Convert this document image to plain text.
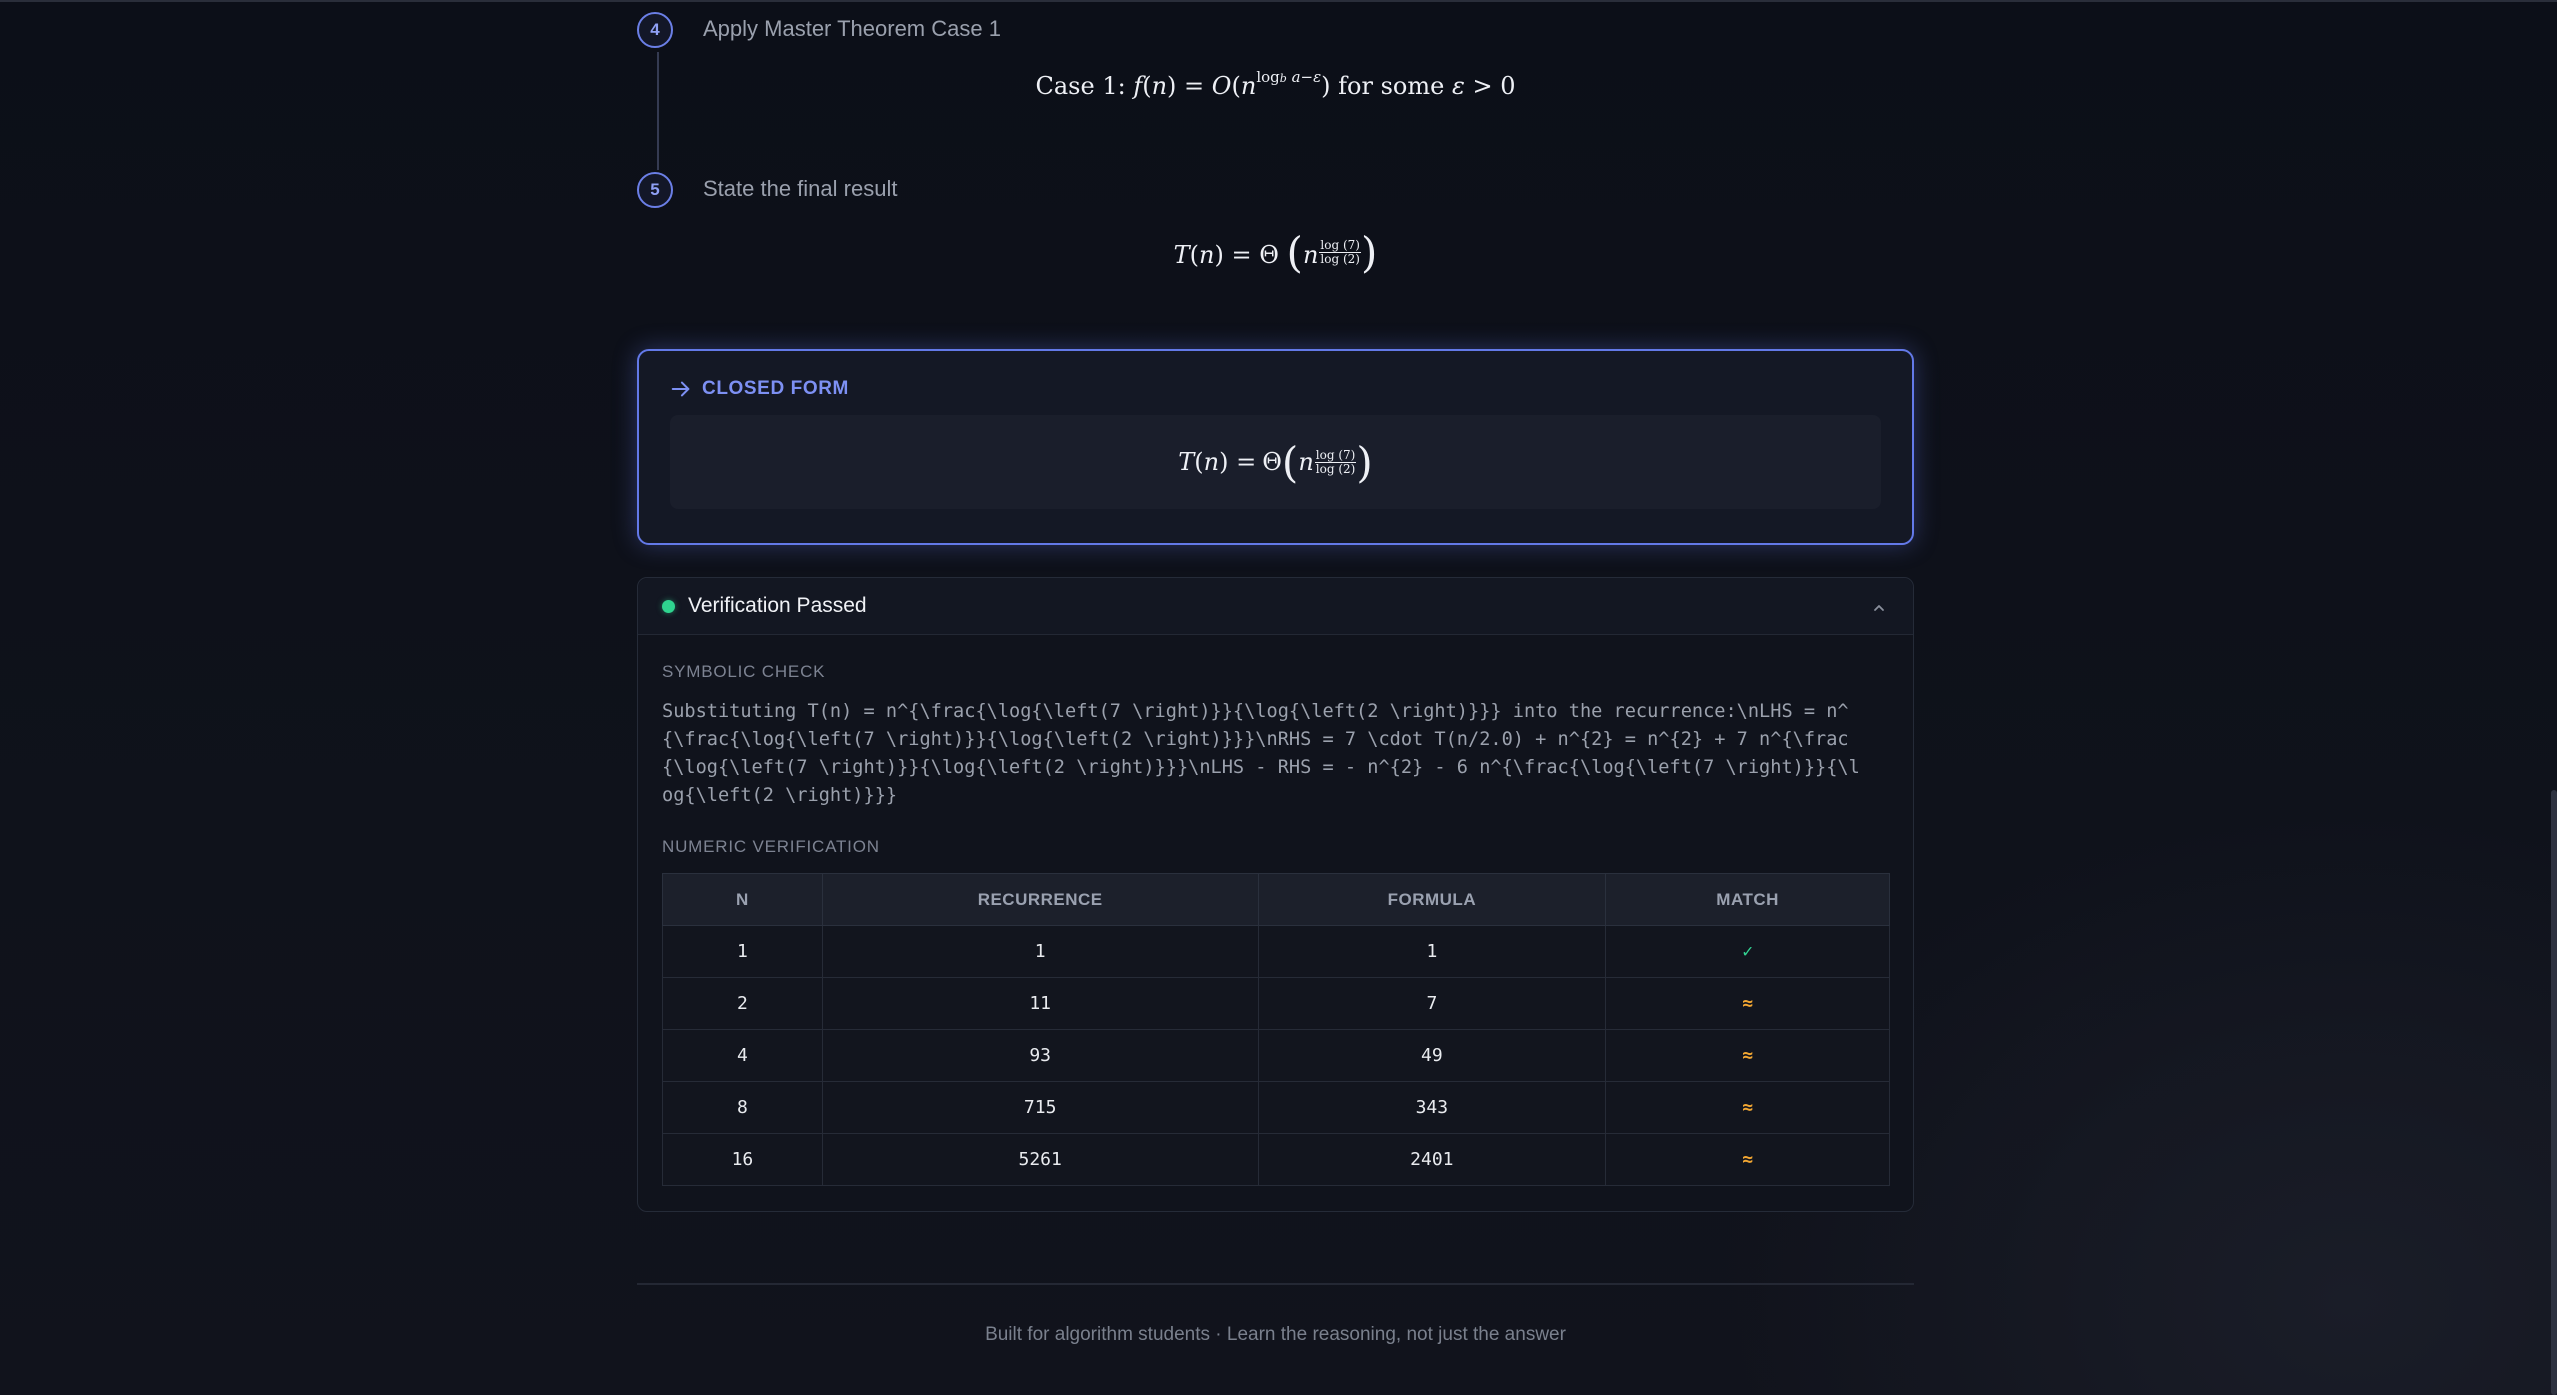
4	Apply Master Theorem Case 1
Case 1: $f(n) = O(n^{logb a-\varepsilon})$ for some ε > 0
5	State the final result
T(n) = Θ ($n \frac{\log (7)}{\log (2)}$ )
CLOSED FORM
T ( n ) = Θ ( n $\frac{\log (7)}{\log (2)}$ )
Verification Passed
SYMBOLIC CHECK
Substituting T(n) = n^{\frac{\log{\left(7 \right)}}{\log{\left(2 \right)}}} into the recurrence:\nLHS = n^{\frac{\log{\left(7 \right)}}{\log{\left(2 \right)}}}\nRHS = 7 \cdot T(n/2.0) + n^{2} = n^{2} + 7 n^{\frac{\log{\left(7 \right)}}{\log{\left(2 \right)}}}\nLHS - RHS = - n^{2} - 6 n^{\frac{\log{\left(7 \right)}}{\log{\left(2 \right)}}}
NUMERIC VERIFICATION
N	RECURRENCE	FORMULA	MATCH
1	1	1	✓
2	11	7	≈
4	93	49	≈
8	715	343	≈
16	5261	2401	≈
Built for algorithm students · Learn the reasoning, not just the answer
